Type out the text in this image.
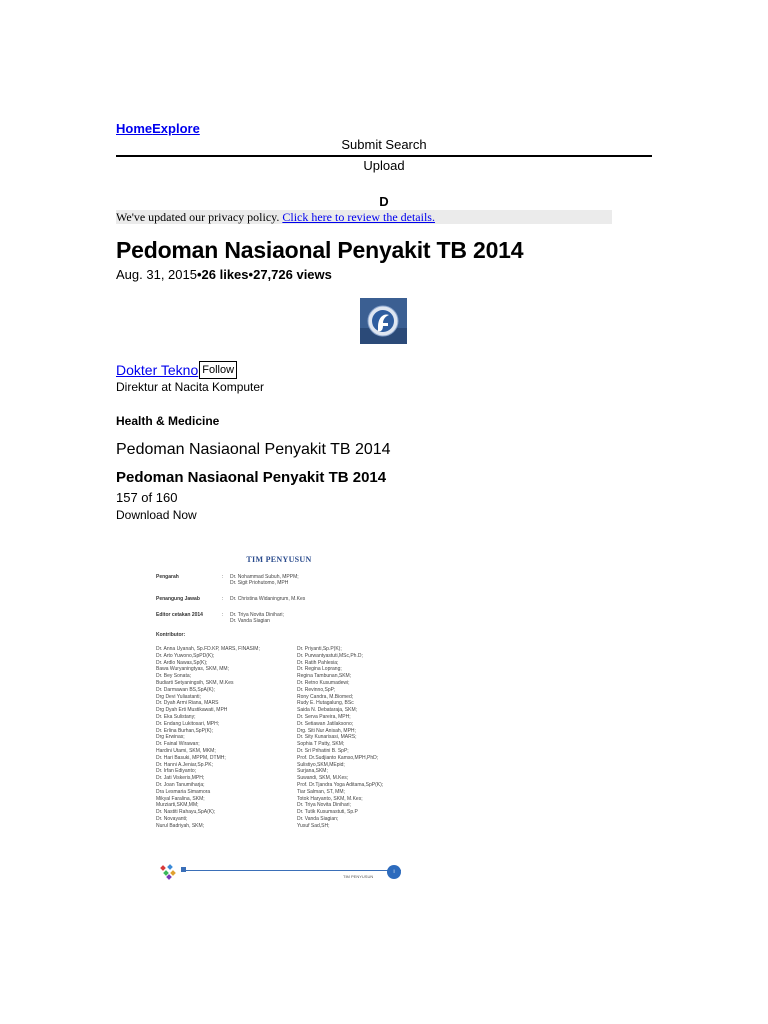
HomeExplore
Submit Search
Upload
D
We've updated our privacy policy. Click here to review the details.
Pedoman Nasiaonal Penyakit TB 2014
Aug. 31, 2015•26 likes•27,726 views
Dokter Tekno Follow
Direktur at Nacita Komputer
Health & Medicine
Pedoman Nasiaonal Penyakit TB 2014
Pedoman Nasiaonal Penyakit TB 2014
157 of 160
Download Now
TIM PENYUSUN
Pengarah	: Dr. Nohammad Subuh, MPPM;
Dr. Sigit Priohutomo, MPH
Penangung Jawab	: Dr. Christina Widaningrum, M.Kes
Editor cetakan 2014	: Dr. Triya Novita Dinihari;
Dr. Vanda Siagian
Kontributor:
Dr. Anna Uyanah, Sp.FD.KP, MARS, FINASIM;
Dr. Arto Yuwono,SpPD(K);
Dr. Ardlo Nawas,Sp(K);
Bawa Wuryaningtyas, SKM, MM;
Dr. Bey Sonata;
Budiarti Setyaningsih, SKM, M.Kes
Dr. Darmawan BS,SpA(K);
Drg Devi Yuliastanti;
Dr. Dyah Armi Riana, MARS
Drg Dyah Erti Mustikawati, MPH
Dr. Eka Sulistany;
Dr. Endang Lukitosari, MPH;
Dr. Erlina Burhan,SpP(K);
Drg Erwinas;
Dr. Fainal Wirawan;
Hardini Utami, SKM, MKM;
Dr. Hari Basuki, MPPM, DTMH;
Dr. Hanni A.Jeniar,Sp.PK;
Dr. Irfan Ediyanto;
Dr. Jati Viskeris,MPH;
Dr. Joan Tanumiharja;
Dra Lesmaria Simamora
Mikyal Faralina, SKM;
Murziarti,SKM,MM;
Dr. Nastiti Rahayu,SpA(K);
Dr. Novayanti;
Nurul Badriyah, SKM;
Dr. Priyanti,Sp.P(K);
Dr. Purwantyastuti,MSc,Ph.D;
Dr. Ratih Pahlesia;
Dr. Regina Loprang;
Regina Tambunan,SKM;
Dr. Retno Kusumadewi;
Dr. Revinno,SpP;
Rony Candra, M.Biomed;
Rudy E. Hutagalung, BSc
Saida N. Debataraja, SKM;
Dr. Serva Pareira, MPH;
Dr. Setiawan Jatilaksono;
Drg. Siti Nur Anisah, MPH;
Dr. Sity Kunarisasi, MARS;
Sophia T Patty, SKM;
Dr. Sri Prihatini B. SpP;
Prof. Dr.Sudjianto Kamso,MPH,PhD;
Sulistiyo,SKM,MEpid;
Surjana,SKM;
Suwandi, SKM, M.Kes;
Prof. Dr.Tjandra Yoga Aditama,SpP(K);
Tiar Salman, ST, MM;
Totok Haryanto, SKM, M.Kes;
Dr. Triya Novita Dinihari;
Dr. Tutik Kusumastuti, Sp.P
Dr. Vanda Siagian;
Yusuf Sad,SH;
TIM PENYUSUN
i
